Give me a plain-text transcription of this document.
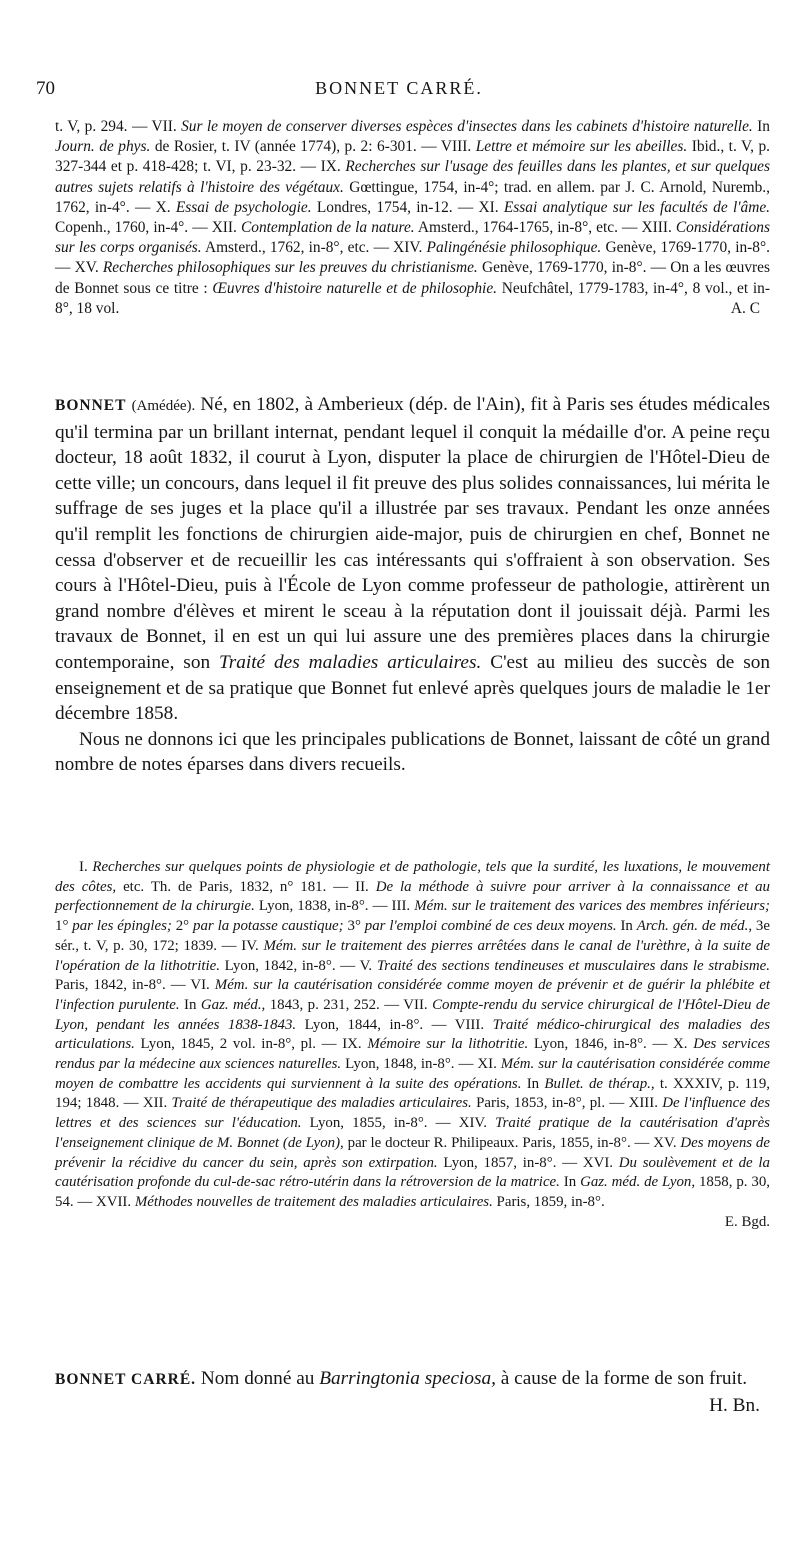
70	BONNET CARRÉ.

t. V, p. 294. — VII. Sur le moyen de conserver diverses espèces d'insectes dans les cabinets d'histoire naturelle. In Journ. de phys. de Rosier, t. IV (année 1774), p. 2: 6-301. — VIII. Lettre et mémoire sur les abeilles. Ibid., t. V, p. 327-344 et p. 418-428; t. VI, p. 23-32. — IX. Recherches sur l'usage des feuilles dans les plantes, et sur quelques autres sujets relatifs à l'histoire des végétaux. Gœttingue, 1754, in-4°; trad. en allem. par J. C. Arnold, Nuremb., 1762, in-4°. — X. Essai de psychologie. Londres, 1754, in-12. — XI. Essai analytique sur les facultés de l'âme. Copenh., 1760, in-4°. — XII. Contemplation de la nature. Amsterd., 1764-1765, in-8°, etc. — XIII. Considérations sur les corps organisés. Amsterd., 1762, in-8°, etc. — XIV. Palingénésie philosophique. Genève, 1769-1770, in-8°. — XV. Recherches philosophiques sur les preuves du christianisme. Genève, 1769-1770, in-8°. — On a les œuvres de Bonnet sous ce titre : Œuvres d'histoire naturelle et de philosophie. Neufchâtel, 1779-1783, in-4°, 8 vol., et in-8°, 18 vol.	A. C

BONNET (Amédée). Né, en 1802, à Amberieux (dép. de l'Ain), fit à Paris ses études médicales qu'il termina par un brillant internat, pendant lequel il conquit la médaille d'or. A peine reçu docteur, 18 août 1832, il courut à Lyon, disputer la place de chirurgien de l'Hôtel-Dieu de cette ville; un concours, dans lequel il fit preuve des plus solides connaissances, lui mérita le suffrage de ses juges et la place qu'il a illustrée par ses travaux. Pendant les onze années qu'il remplit les fonctions de chirurgien aide-major, puis de chirurgien en chef, Bonnet ne cessa d'observer et de recueillir les cas intéressants qui s'offraient à son observation. Ses cours à l'Hôtel-Dieu, puis à l'École de Lyon comme professeur de pathologie, attirèrent un grand nombre d'élèves et mirent le sceau à la réputation dont il jouissait déjà. Parmi les travaux de Bonnet, il en est un qui lui assure une des premières places dans la chirurgie contemporaine, son Traité des maladies articulaires. C'est au milieu des succès de son enseignement et de sa pratique que Bonnet fut enlevé après quelques jours de maladie le 1er décembre 1858.

Nous ne donnons ici que les principales publications de Bonnet, laissant de côté un grand nombre de notes éparses dans divers recueils.

I. Recherches sur quelques points de physiologie et de pathologie, tels que la surdité, les luxations, le mouvement des côtes, etc. Th. de Paris, 1832, n° 181. — II. De la méthode à suivre pour arriver à la connaissance et au perfectionnement de la chirurgie. Lyon, 1838, in-8°. — III. Mém. sur le traitement des varices des membres inférieurs; 1° par les épingles; 2° par la potasse caustique; 3° par l'emploi combiné de ces deux moyens. In Arch. gén. de méd., 3e sér., t. V, p. 30, 172; 1839. — IV. Mém. sur le traitement des pierres arrêtées dans le canal de l'urèthre, à la suite de l'opération de la lithotritie. Lyon, 1842, in-8°. — V. Traité des sections tendineuses et musculaires dans le strabisme. Paris, 1842, in-8°. — VI. Mém. sur la cautérisation considérée comme moyen de prévenir et de guérir la phlébite et l'infection purulente. In Gaz. méd., 1843, p. 231, 252. — VII. Compte-rendu du service chirurgical de l'Hôtel-Dieu de Lyon, pendant les années 1838-1843. Lyon, 1844, in-8°. — VIII. Traité médico-chirurgical des maladies des articulations. Lyon, 1845, 2 vol. in-8°, pl. — IX. Mémoire sur la lithotritie. Lyon, 1846, in-8°. — X. Des services rendus par la médecine aux sciences naturelles. Lyon, 1848, in-8°. — XI. Mém. sur la cautérisation considérée comme moyen de combattre les accidents qui surviennent à la suite des opérations. In Bullet. de thérap., t. XXXIV, p. 119, 194; 1848. — XII. Traité de thérapeutique des maladies articulaires. Paris, 1853, in-8°, pl. — XIII. De l'influence des lettres et des sciences sur l'éducation. Lyon, 1855, in-8°. — XIV. Traité pratique de la cautérisation d'après l'enseignement clinique de M. Bonnet (de Lyon), par le docteur R. Philipeaux. Paris, 1855, in-8°. — XV. Des moyens de prévenir la récidive du cancer du sein, après son extirpation. Lyon, 1857, in-8°. — XVI. Du soulèvement et de la cautérisation profonde du cul-de-sac rétro-utérin dans la rétroversion de la matrice. In Gaz. méd. de Lyon, 1858, p. 30, 54. — XVII. Méthodes nouvelles de traitement des maladies articulaires. Paris, 1859, in-8°.

E. Bgd.

BONNET CARRÉ. Nom donné au Barringtonia speciosa, à cause de la forme de son fruit.
H. Bn.
